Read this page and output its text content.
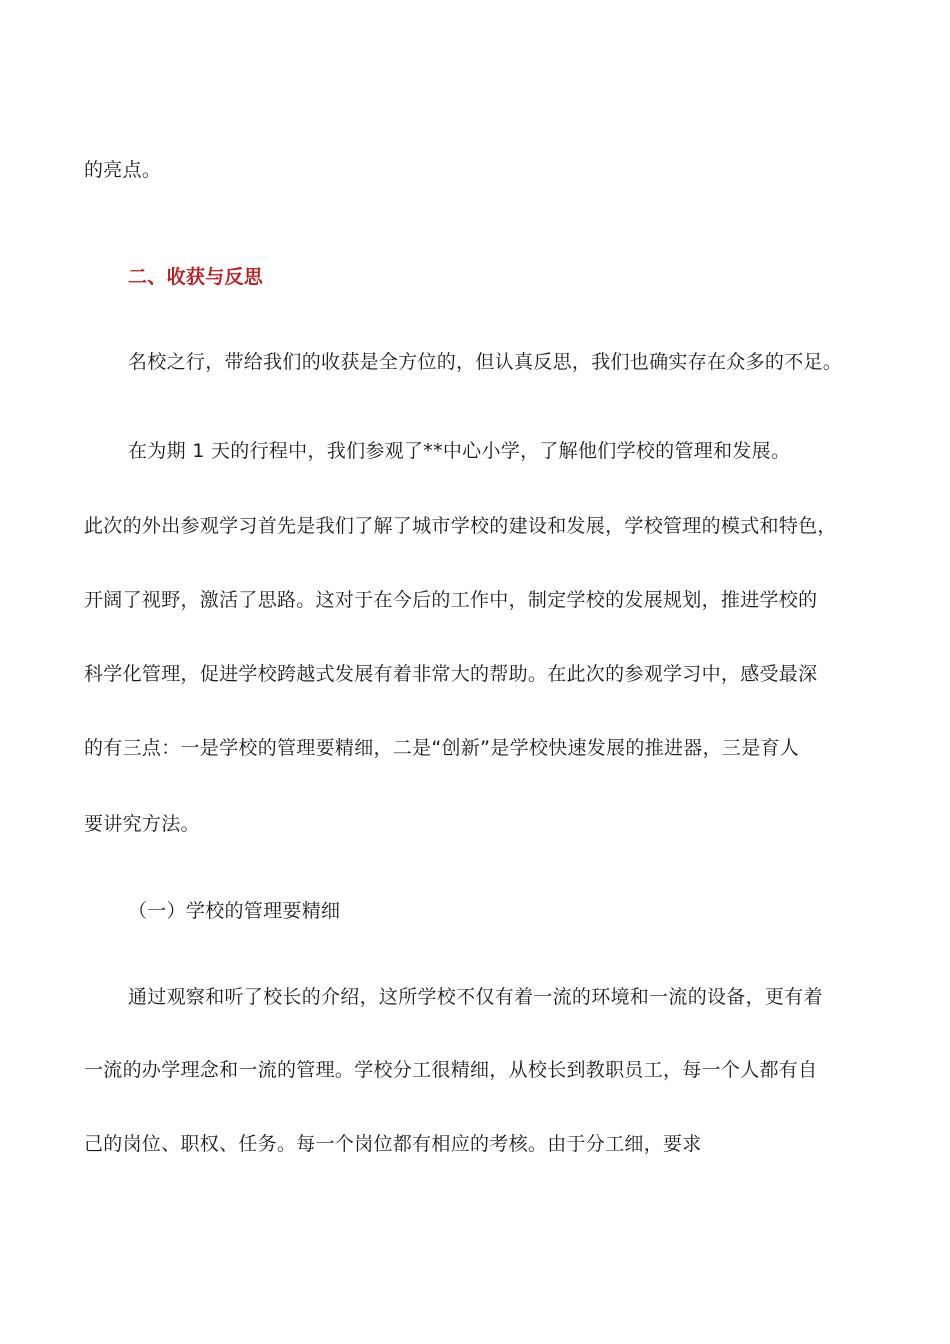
的亮点。
二、收获与反思
名校之行，带给我们的收获是全方位的，但认真反思，我们也确实存在众多的不足。
在为期 1 天的行程中，我们参观了**中心小学，了解他们学校的管理和发展。
此次的外出参观学习首先是我们了解了城市学校的建设和发展，学校管理的模式和特色，
开阔了视野，激活了思路。这对于在今后的工作中，制定学校的发展规划，推进学校的
科学化管理，促进学校跨越式发展有着非常大的帮助。在此次的参观学习中，感受最深
的有三点：一是学校的管理要精细，二是“创新”是学校快速发展的推进器，三是育人
要讲究方法。
（一）学校的管理要精细
通过观察和听了校长的介绍，这所学校不仅有着一流的环境和一流的设备，更有着
一流的办学理念和一流的管理。学校分工很精细，从校长到教职员工，每一个人都有自
己的岗位、职权、任务。每一个岗位都有相应的考核。由于分工细，要求
